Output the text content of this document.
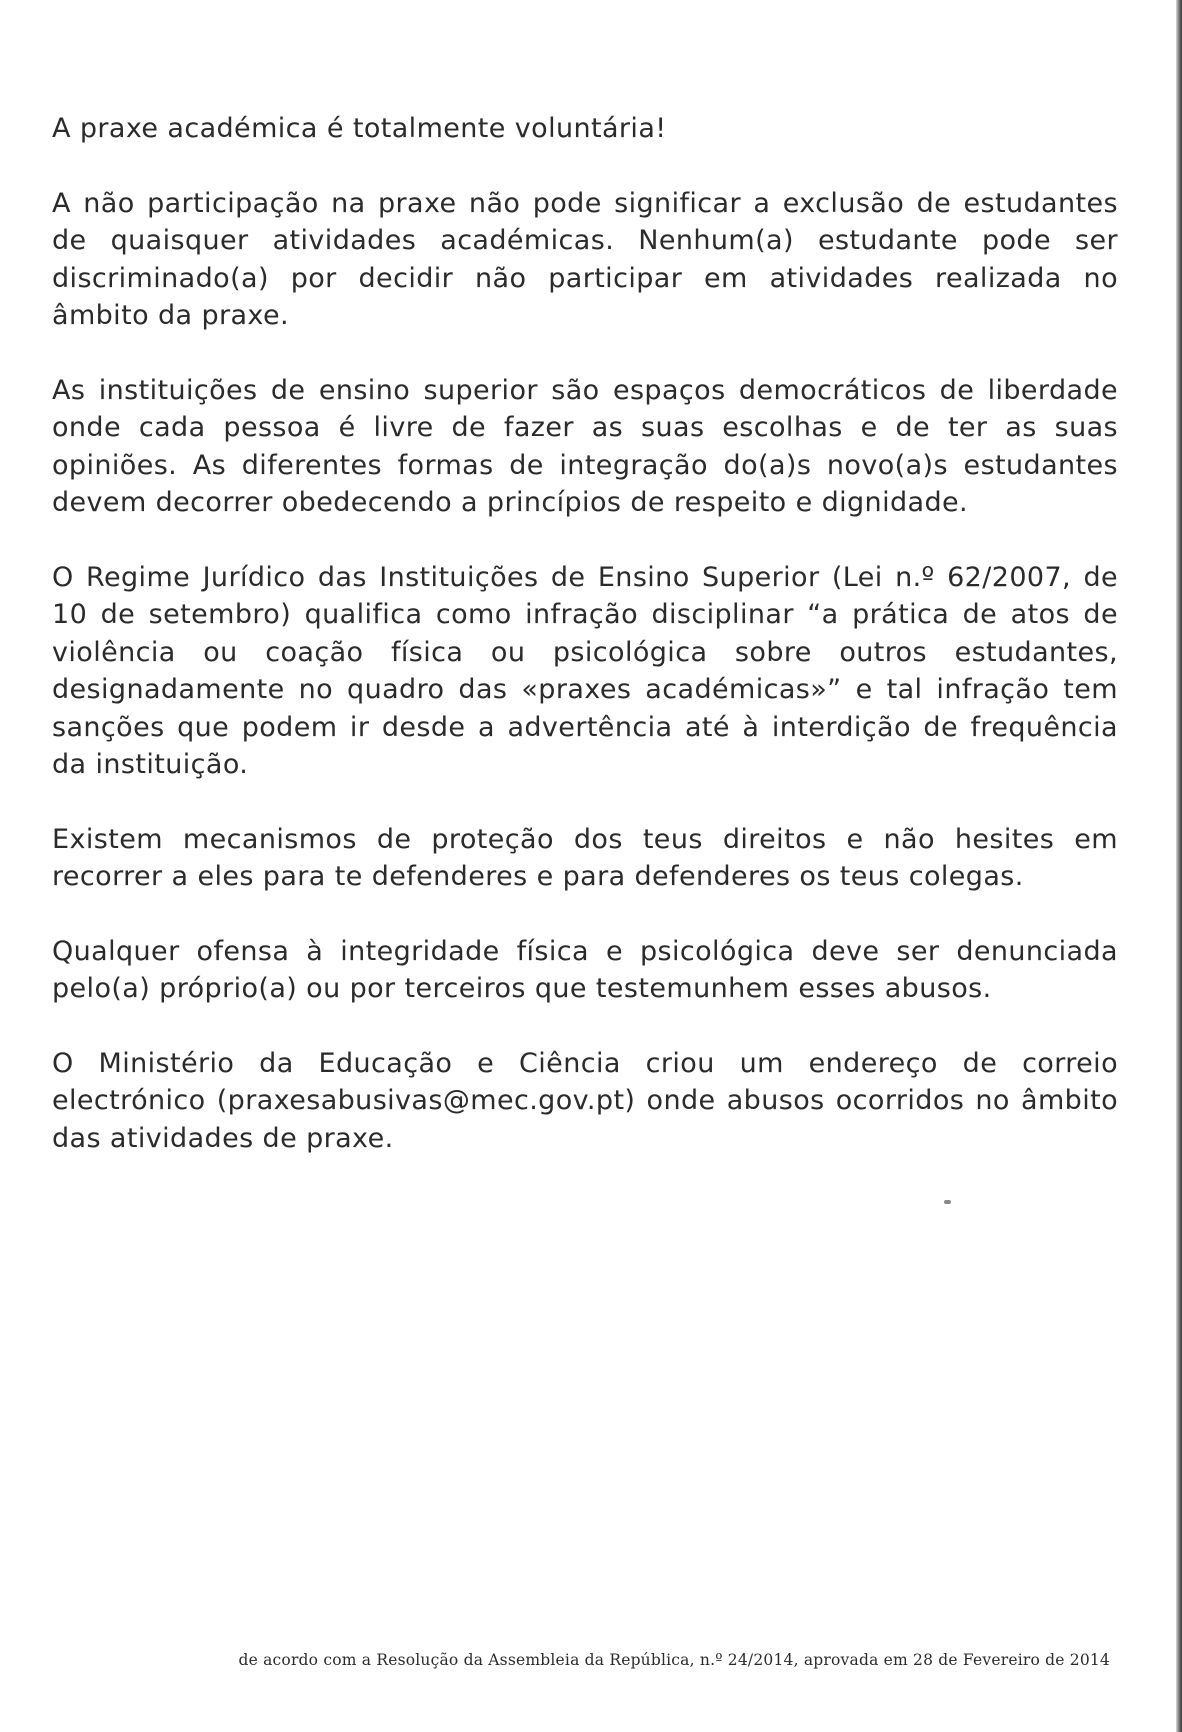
A praxe académica é totalmente voluntária!

A não participação na praxe não pode significar a exclusão de estudantes de quaisquer atividades académicas. Nenhum(a) estudante pode ser discriminado(a) por decidir não participar em atividades realizada no âmbito da praxe.

As instituições de ensino superior são espaços democráticos de liberdade onde cada pessoa é livre de fazer as suas escolhas e de ter as suas opiniões. As diferentes formas de integração do(a)s novo(a)s estudantes devem decorrer obedecendo a princípios de respeito e dignidade.

O Regime Jurídico das Instituições de Ensino Superior (Lei n.º 62/2007, de 10 de setembro) qualifica como infração disciplinar “a prática de atos de violência ou coação física ou psicológica sobre outros estudantes, designadamente no quadro das «praxes académicas»” e tal infração tem sanções que podem ir desde a advertência até à interdição de frequência da instituição.

Existem mecanismos de proteção dos teus direitos e não hesites em recorrer a eles para te defenderes e para defenderes os teus colegas.

Qualquer ofensa à integridade física e psicológica deve ser denunciada pelo(a) próprio(a) ou por terceiros que testemunhem esses abusos.

O Ministério da Educação e Ciência criou um endereço de correio electrónico (praxesabusivas@mec.gov.pt) onde abusos ocorridos no âmbito das atividades de praxe.

de acordo com a Resolução da Assembleia da República, n.º 24/2014, aprovada em 28 de Fevereiro de 2014
